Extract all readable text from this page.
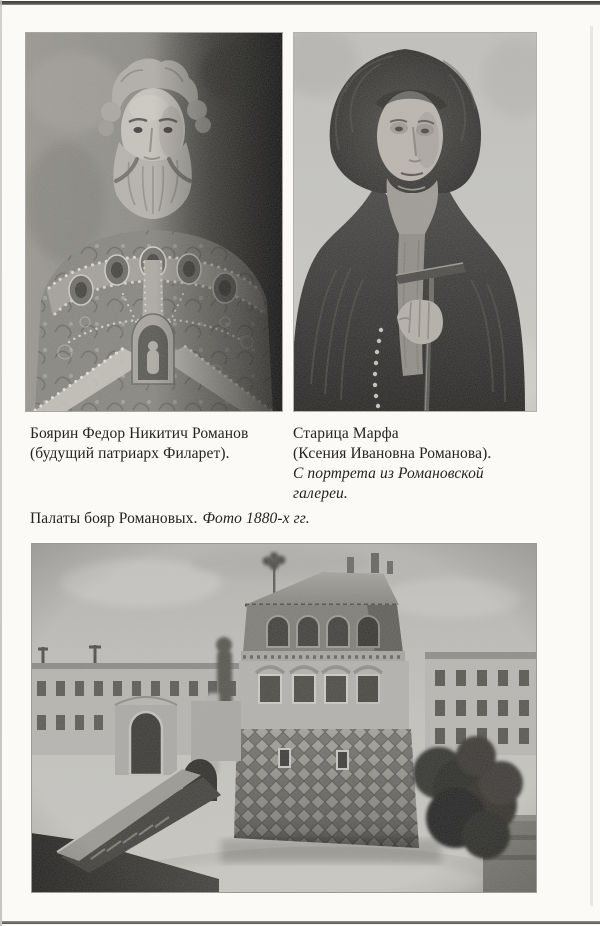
Боярин Федор Никитич Романов
(будущий патриарх Филарет).
Старица Марфа
(Ксения Ивановна Романова).
С портрета из Романовской
галереи.
Палаты бояр Романовых. Фото 1880-х гг.
